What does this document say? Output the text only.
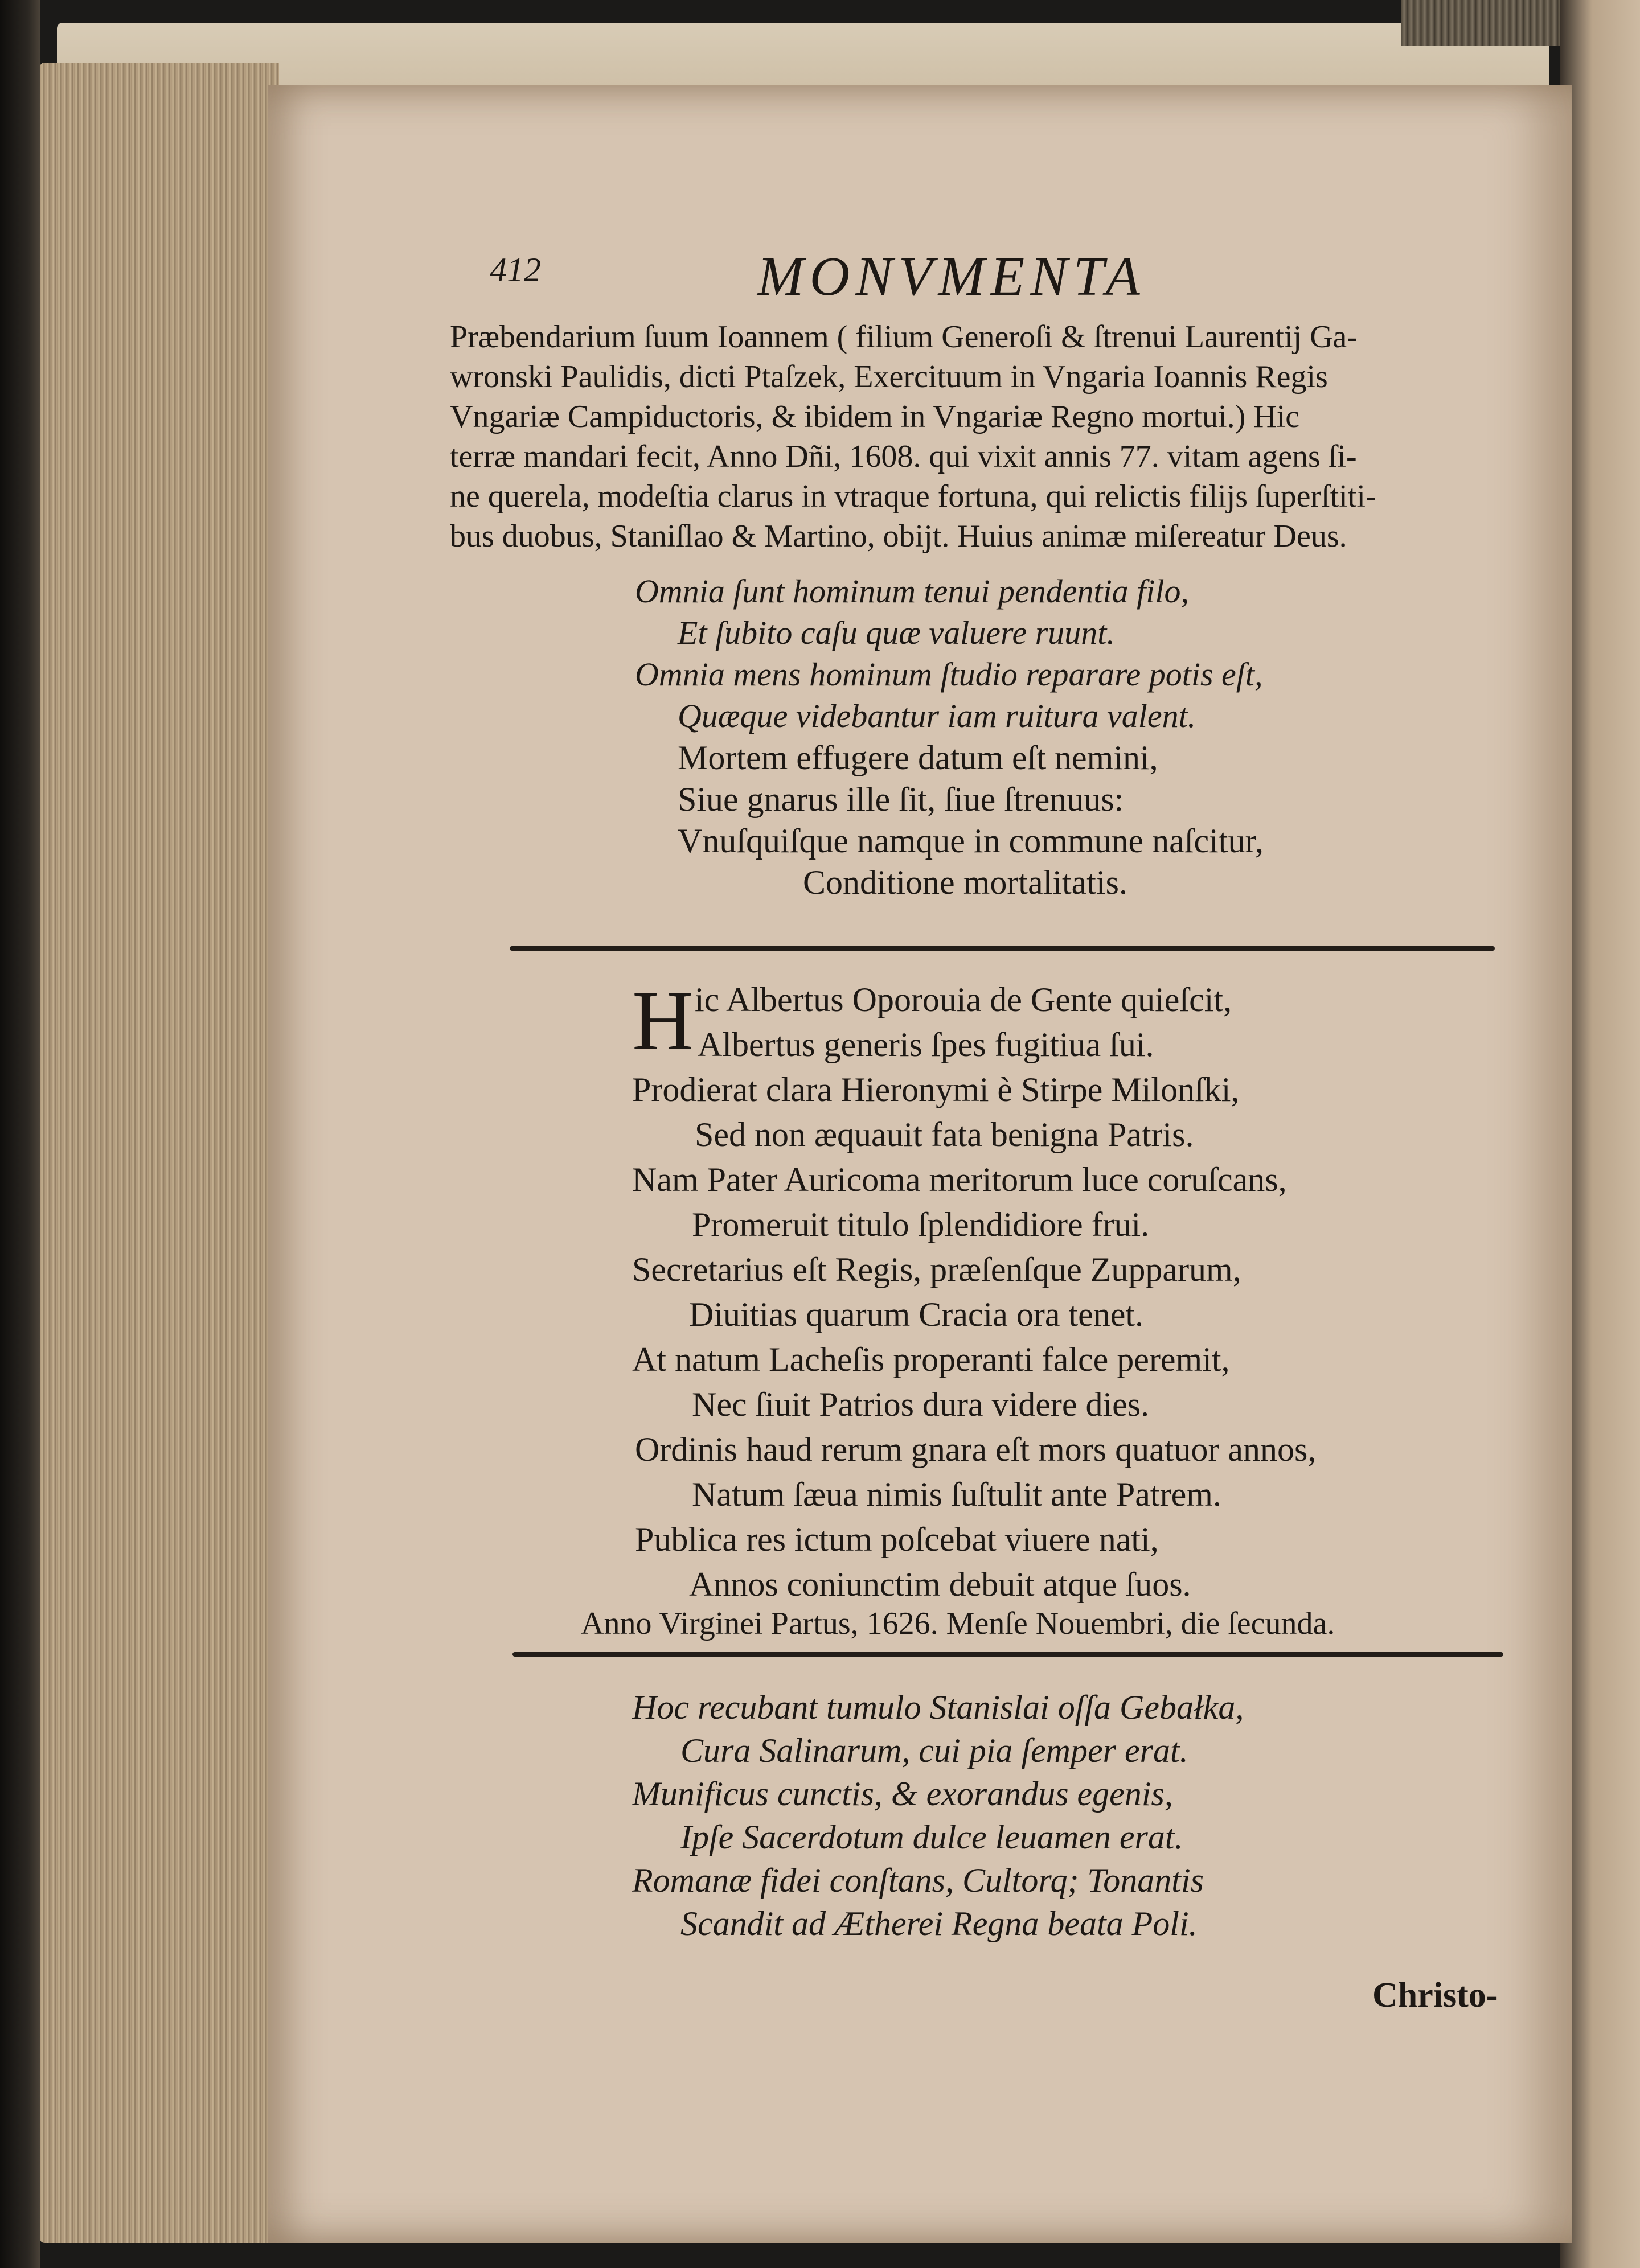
412	MONVMENTA
Præbendarium ſuum Ioannem ( filium Generoſi & ſtrenui Laurentij Ga-
wronski Paulidis, dicti Ptaſzek, Exercituum in Vngaria Ioannis Regis
Vngariæ Campiductoris, & ibidem in Vngariæ Regno mortui.) Hic
terræ mandari fecit, Anno Dñi, 1608. qui vixit annis 77. vitam agens ſi-
ne querela, modeſtia clarus in vtraque fortuna, qui relictis filijs ſuperſtiti-
bus duobus, Staniſlao & Martino, obijt. Huius animæ miſereatur Deus.
Omnia ſunt hominum tenui pendentia filo,
Et ſubito caſu quæ valuere ruunt.
Omnia mens hominum ſtudio reparare potis eſt,
Quæque videbantur iam ruitura valent.
Mortem effugere datum eſt nemini,
Siue gnarus ille ſit, ſiue ſtrenuus:
Vnuſquiſque namque in commune naſcitur,
Conditione mortalitatis.
H ic Albertus Oporouia de Gente quieſcit,
Albertus generis ſpes fugitiua ſui.
Prodierat clara Hieronymi è Stirpe Milonſki,
Sed non æquauit fata benigna Patris.
Nam Pater Auricoma meritorum luce coruſcans,
Promeruit titulo ſplendidiore frui.
Secretarius eſt Regis, præſenſque Zupparum,
Diuitias quarum Cracia ora tenet.
At natum Lacheſis properanti falce peremit,
Nec ſiuit Patrios dura videre dies.
Ordinis haud rerum gnara eſt mors quatuor annos,
Natum ſæua nimis ſuſtulit ante Patrem.
Publica res ictum poſcebat viuere nati,
Annos coniunctim debuit atque ſuos.
Anno Virginei Partus, 1626. Menſe Nouembri, die ſecunda.
Hoc recubant tumulo Stanislai oſſa Gebałka,
Cura Salinarum, cui pia ſemper erat.
Munificus cunctis, & exorandus egenis,
Ipſe Sacerdotum dulce leuamen erat.
Romanæ fidei conſtans, Cultorq; Tonantis
Scandit ad Ætherei Regna beata Poli.
Christo-
